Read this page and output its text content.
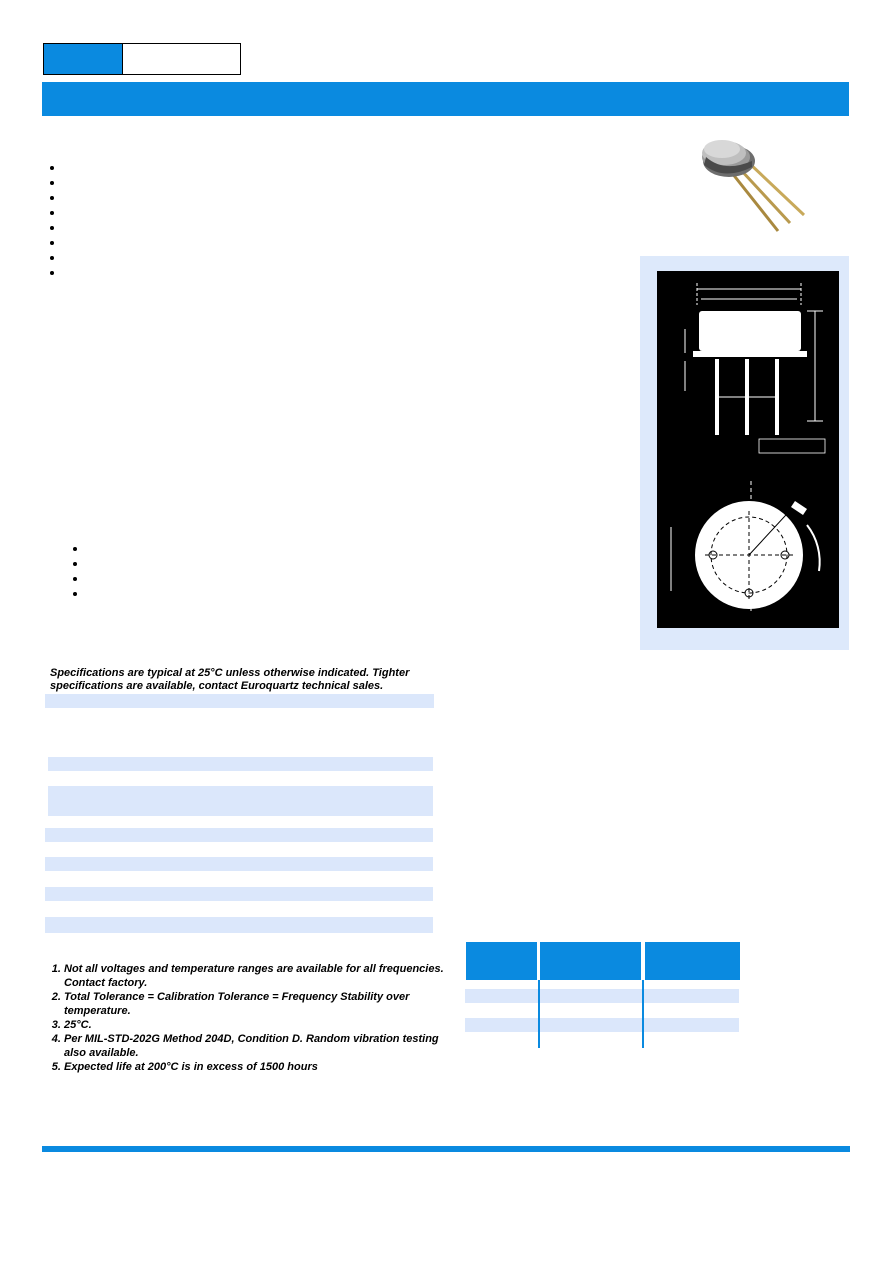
Specifications are typical at 25°C unless otherwise indicated. Tighter specifications are available, contact Euroquartz technical sales.
1. Not all voltages and temperature ranges are available for all frequencies. Contact factory.
2. Total Tolerance = Calibration Tolerance = Frequency Stability over temperature.
3. 25°C.
4. Per MIL-STD-202G Method 204D, Condition D. Random vibration testing also available.
5. Expected life at 200°C is in excess of 1500 hours
